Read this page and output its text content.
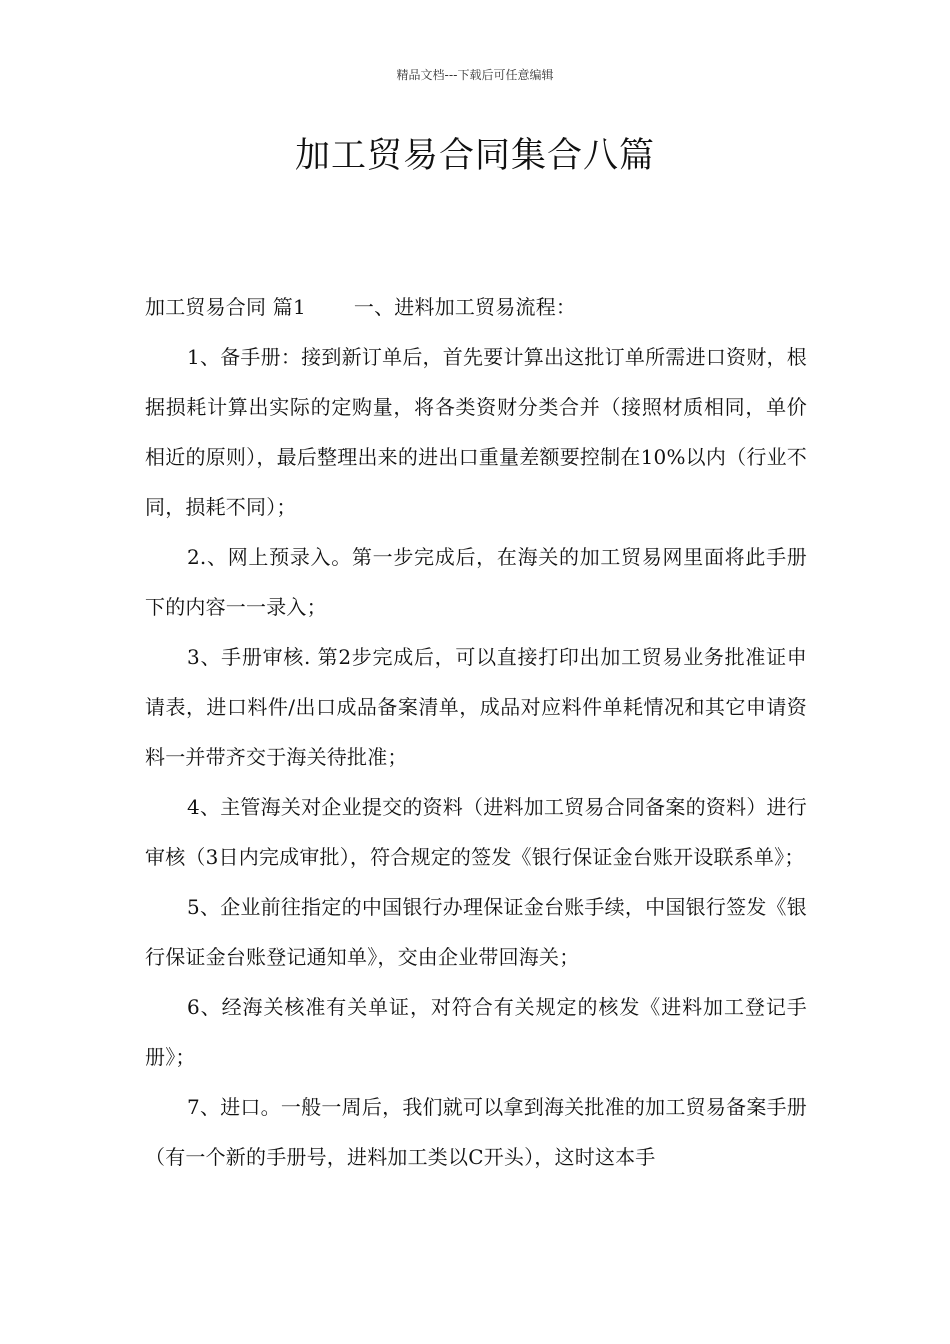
精品文档---下载后可任意编辑
加工贸易合同集合八篇

加工贸易合同 篇1 一、进料加工贸易流程：

1、备手册：接到新订单后，首先要计算出这批订单所需进口资财，根据损耗计算出实际的定购量，将各类资财分类合并（接照材质相同，单价相近的原则），最后整理出来的进出口重量差额要控制在10%以内（行业不同，损耗不同）；

2.、网上预录入。第一步完成后，在海关的加工贸易网里面将此手册下的内容一一录入；

3、手册审核. 第2步完成后，可以直接打印出加工贸易业务批准证申请表，进口料件/出口成品备案清单，成品对应料件单耗情况和其它申请资料一并带齐交于海关待批准；

4、主管海关对企业提交的资料（进料加工贸易合同备案的资料）进行审核（3日内完成审批），符合规定的签发《银行保证金台账开设联系单》；

5、企业前往指定的中国银行办理保证金台账手续，中国银行签发《银行保证金台账登记通知单》，交由企业带回海关；

6、经海关核准有关单证，对符合有关规定的核发《进料加工登记手册》；

7、进口。一般一周后，我们就可以拿到海关批准的加工贸易备案手册（有一个新的手册号，进料加工类以C开头），这时这本手
